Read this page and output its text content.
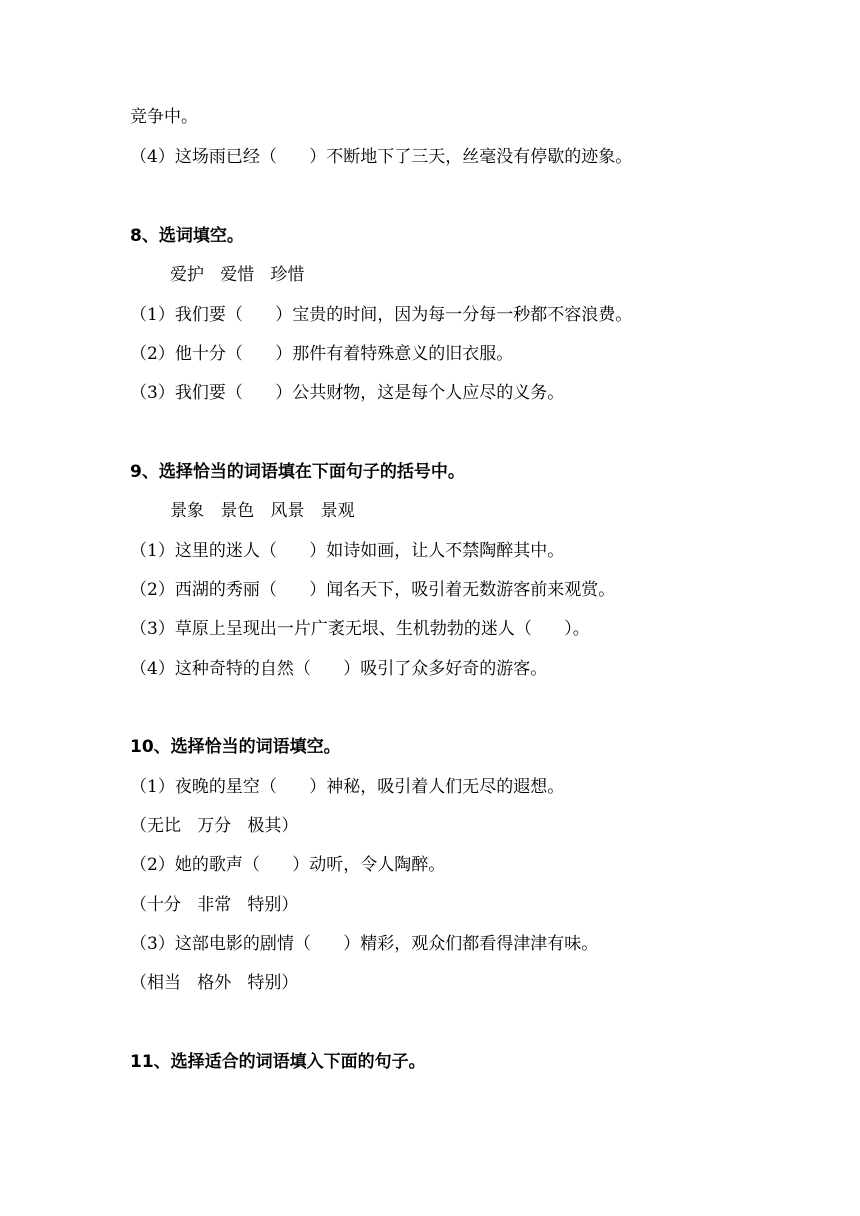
竞争中。
（4）这场雨已经（      ）不断地下了三天，丝毫没有停歇的迹象。
8、选词填空。
爱护   爱惜   珍惜
（1）我们要（      ）宝贵的时间，因为每一分每一秒都不容浪费。
（2）他十分（      ）那件有着特殊意义的旧衣服。
（3）我们要（      ）公共财物，这是每个人应尽的义务。
9、选择恰当的词语填在下面句子的括号中。
景象   景色   风景   景观
（1）这里的迷人（      ）如诗如画，让人不禁陶醉其中。
（2）西湖的秀丽（      ）闻名天下，吸引着无数游客前来观赏。
（3）草原上呈现出一片广袤无垠、生机勃勃的迷人（      ）。
（4）这种奇特的自然（      ）吸引了众多好奇的游客。
10、选择恰当的词语填空。
（1）夜晚的星空（      ）神秘，吸引着人们无尽的遐想。
（无比   万分   极其）
（2）她的歌声（      ）动听，令人陶醉。
（十分   非常   特别）
（3）这部电影的剧情（      ）精彩，观众们都看得津津有味。
（相当   格外   特别）
11、选择适合的词语填入下面的句子。
